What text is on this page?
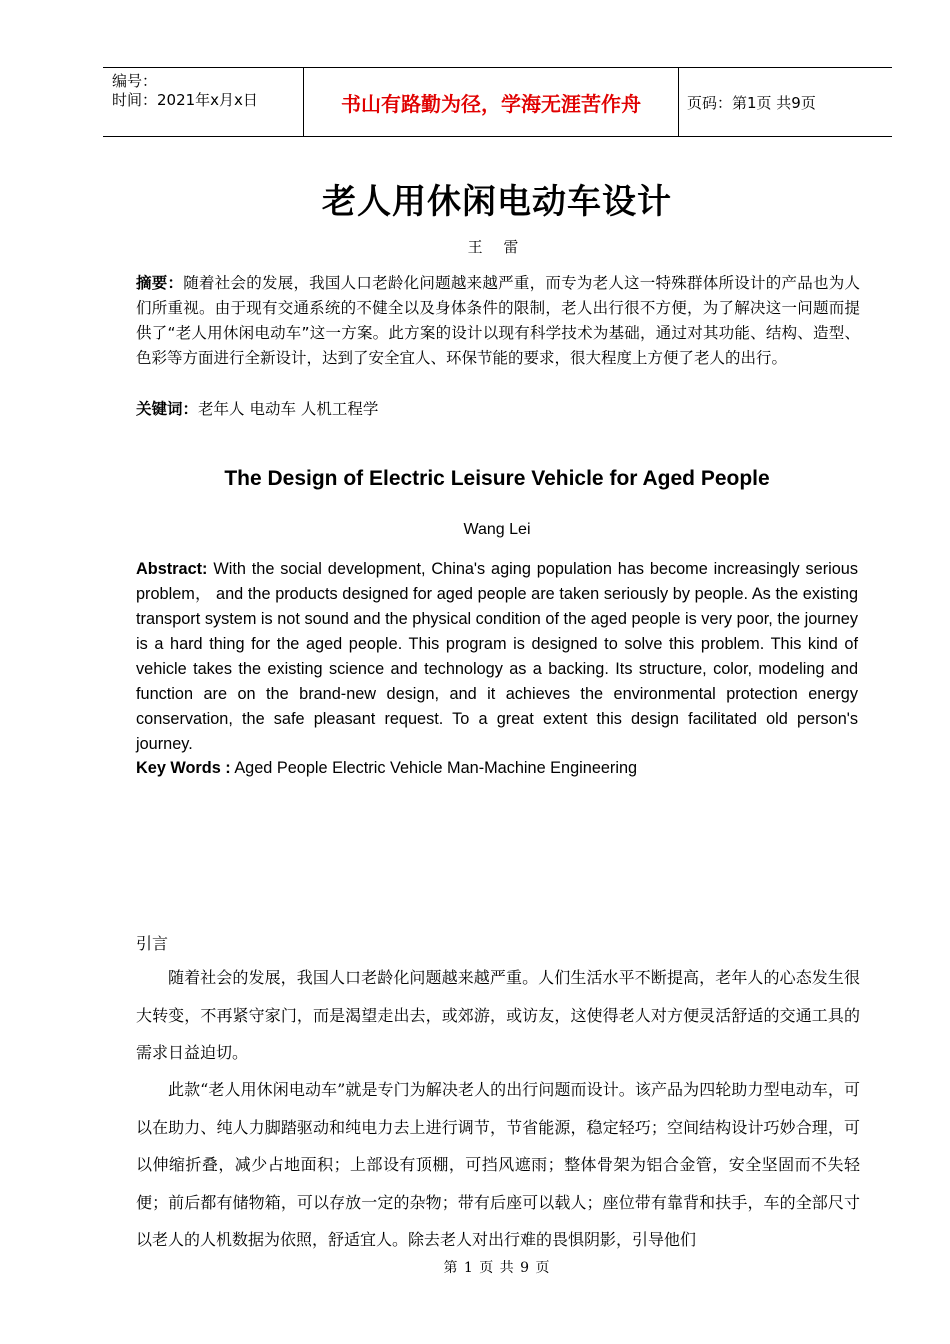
编号：
时间：2021年x月x日	书山有路勤为径，学海无涯苦作舟	页码：第1页 共9页
老人用休闲电动车设计
王 雷
摘要：随着社会的发展，我国人口老龄化问题越来越严重，而专为老人这一特殊群体所设计的产品也为人们所重视。由于现有交通系统的不健全以及身体条件的限制，老人出行很不方便，为了解决这一问题而提供了“老人用休闲电动车”这一方案。此方案的设计以现有科学技术为基础，通过对其功能、结构、造型、色彩等方面进行全新设计，达到了安全宜人、环保节能的要求，很大程度上方便了老人的出行。
关键词：老年人 电动车 人机工程学
The Design of Electric Leisure Vehicle for Aged People
Wang Lei
Abstract: With the social development, China's aging population has become increasingly serious problem， and the products designed for aged people are taken seriously by people. As the existing transport system is not sound and the physical condition of the aged people is very poor, the journey is a hard thing for the aged people. This program is designed to solve this problem. This kind of vehicle takes the existing science and technology as a backing. Its structure, color, modeling and function are on the brand-new design, and it achieves the environmental protection energy conservation, the safe pleasant request. To a great extent this design facilitated old person's journey.
Key Words : Aged People Electric Vehicle Man-Machine Engineering
引言

随着社会的发展，我国人口老龄化问题越来越严重。人们生活水平不断提高，老年人的心态发生很大转变，不再紧守家门，而是渴望走出去，或郊游，或访友，这使得老人对方便灵活舒适的交通工具的需求日益迫切。

此款“老人用休闲电动车”就是专门为解决老人的出行问题而设计。该产品为四轮助力型电动车，可以在助力、纯人力脚踏驱动和纯电力去上进行调节，节省能源，稳定轻巧；空间结构设计巧妙合理，可以伸缩折叠，减少占地面积；上部设有顶棚，可挡风遮雨；整体骨架为铝合金管，安全坚固而不失轻便；前后都有储物箱，可以存放一定的杂物；带有后座可以载人；座位带有靠背和扶手，车的全部尺寸以老人的人机数据为依照，舒适宜人。除去老人对出行难的畏惧阴影，引导他们

第 1 页 共 9 页
